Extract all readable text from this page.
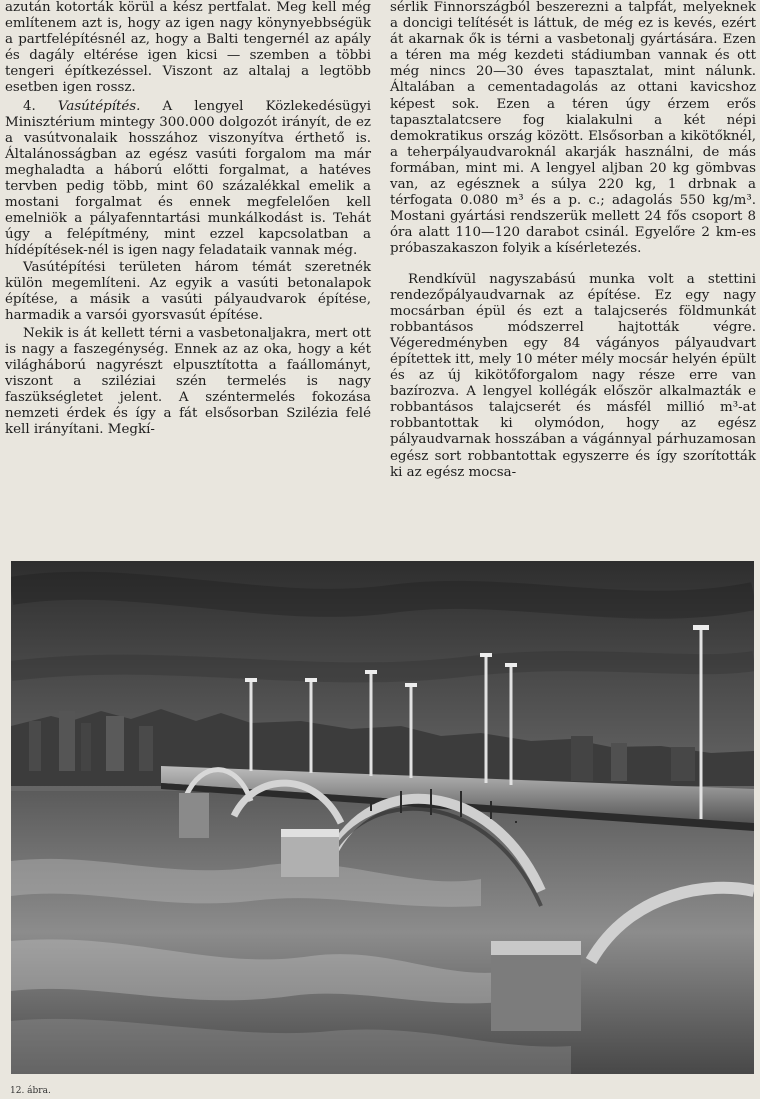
azután kotorták körül a kész pertfalat. Meg kell még említenem azt is, hogy az igen nagy könynyebbségük a partfelépítésnél az, hogy a Balti tengernél az apály és dagály eltérése igen kicsi — szemben a többi tengeri építkezéssel. Viszont az altalaj a legtöbb esetben igen rossz.

4. Vasútépítés. A lengyel Közlekedésügyi Minisztérium mintegy 300.000 dolgozót irányít, de ez a vasútvonalaik hosszához viszonyítva érthető is. Általánosságban az egész vasúti forgalom ma már meghaladta a háború előtti forgalmat, a hatéves tervben pedig több, mint 60 százalékkal emelik a mostani forgalmat és ennek megfelelően kell emelniök a pályafenntartási munkálkodást is. Tehát úgy a felépítmény, mint ezzel kapcsolatban a hídépítések-nél is igen nagy feladataik vannak még.

Vasútépítési területen három témát szeretnék külön megemlíteni. Az egyik a vasúti betonalapok építése, a másik a vasúti pályaudvarok építése, harmadik a varsói gyorsvasút építése.

Nekik is át kellett térni a vasbetonaljakra, mert ott is nagy a faszegénység. Ennek az az oka, hogy a két világháború nagyrészt elpusztította a faállományt, viszont a sziléziai szén termelés is nagy faszükségletet jelent. A széntermelés fokozása nemzeti érdek és így a fát elsősorban Szilézia felé kell irányítani. Megkí-

sérlik Finnországból beszerezni a talpfát, melyeknek a doncigi telítését is láttuk, de még ez is kevés, ezért át akarnak ők is térni a vasbetonalj gyártására. Ezen a téren ma még kezdeti stádiumban vannak és ott még nincs 20—30 éves tapasztalat, mint nálunk. Általában a cementadagolás az ottani kavicshoz képest sok. Ezen a téren úgy érzem erős tapasztalatcsere fog kialakulni a két népi demokratikus ország között. Elsősorban a kikötőknél, a teherpályaudvaroknál akarják használni, de más formában, mint mi. A lengyel aljban 20 kg gömbvas van, az egésznek a súlya 220 kg, 1 drbnak a térfogata 0.080 m³ és a p. c.; adagolás 550 kg/m³. Mostani gyártási rendszerük mellett 24 fős csoport 8 óra alatt 110—120 darabot csinál. Egyelőre 2 km-es próbaszakaszon folyik a kísérletezés.

Rendkívül nagyszabású munka volt a stettini rendezőpályaudvarnak az építése. Ez egy nagy mocsárban épül és ezt a talajcserés földmunkát robbantásos módszerrel hajtották végre. Végeredményben egy 84 vágányos pályaudvart építettek itt, mely 10 méter mély mocsár helyén épült és az új kikötőforgalom nagy része erre van bazírozva. A lengyel kollégák először alkalmazták e robbantásos talajcserét és másfél millió m³-at robbantottak ki olymódon, hogy az egész pályaudvarnak hosszában a vágánnyal párhuzamosan egész sort robbantottak egyszerre és így szorították ki az egész mocsa-

12. ábra.
